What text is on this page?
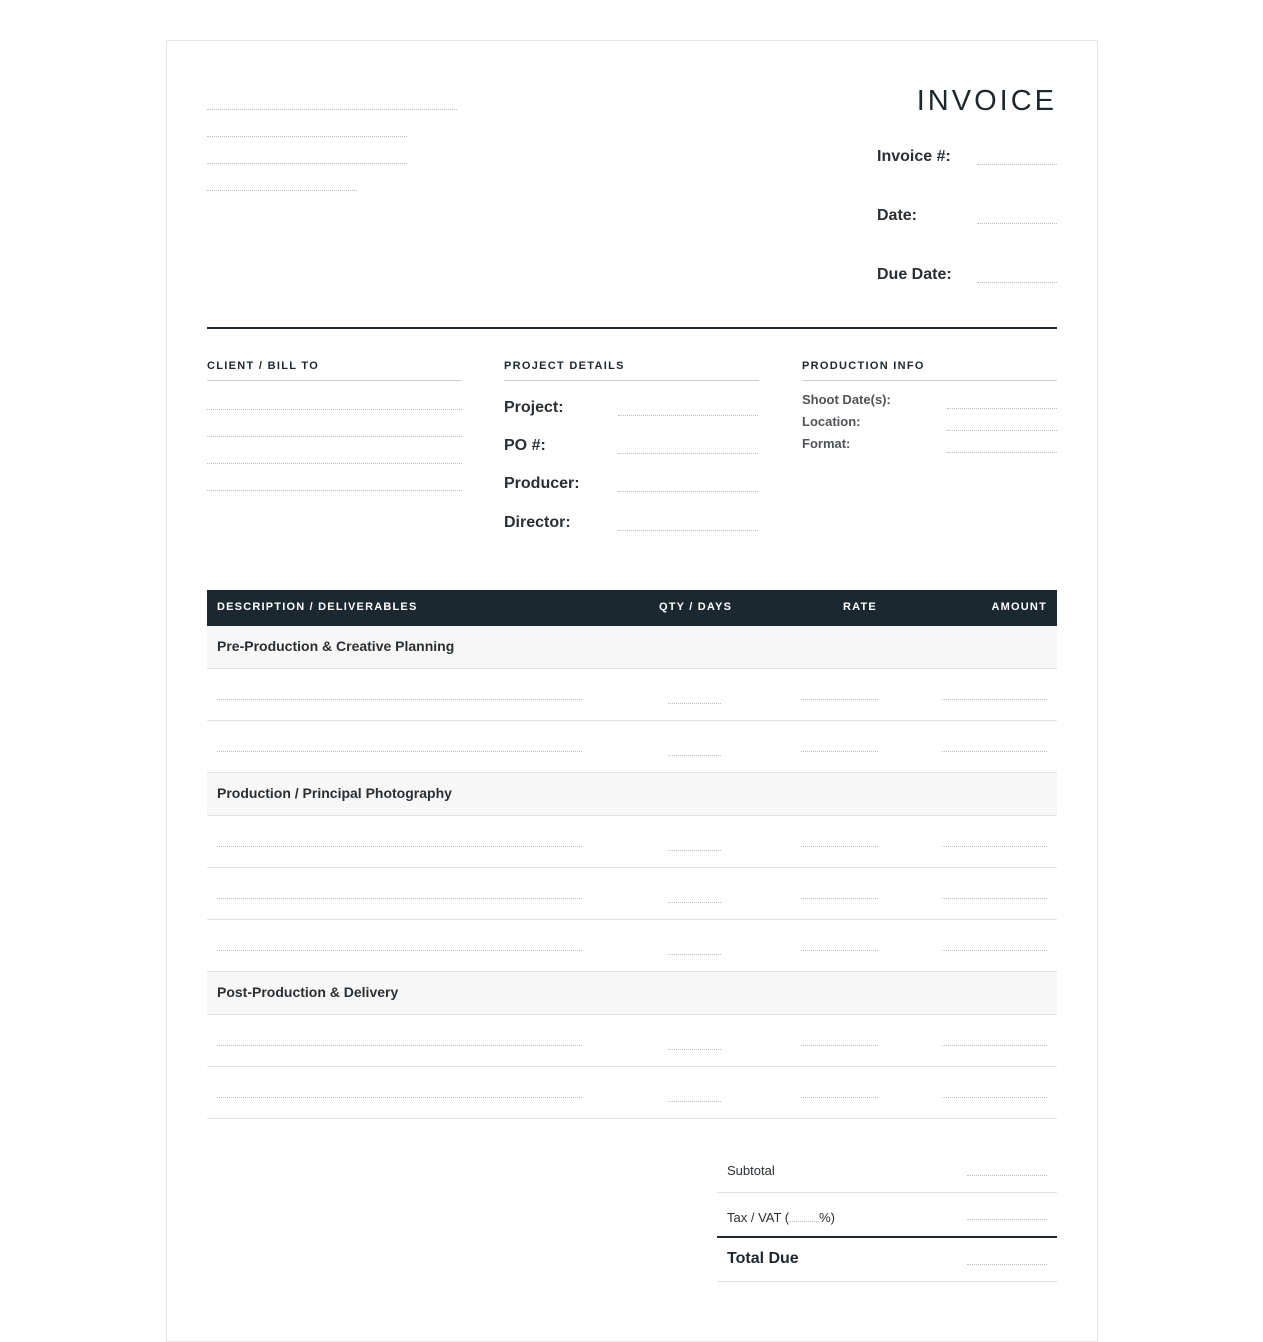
INVOICE
Invoice #:
Date:
Due Date:
CLIENT / BILL TO	PROJECT DETAILS
Project:
PO #:
Producer:
Director:
PRODUCTION INFO
Shoot Date(s):
Location:
Format:
DESCRIPTION / DELIVERABLES	QTY / DAYS	RATE	AMOUNT
Pre-Production & Creative Planning
Production / Principal Photography
Post-Production & Delivery
Subtotal
Tax / VAT ( %)
Total Due
